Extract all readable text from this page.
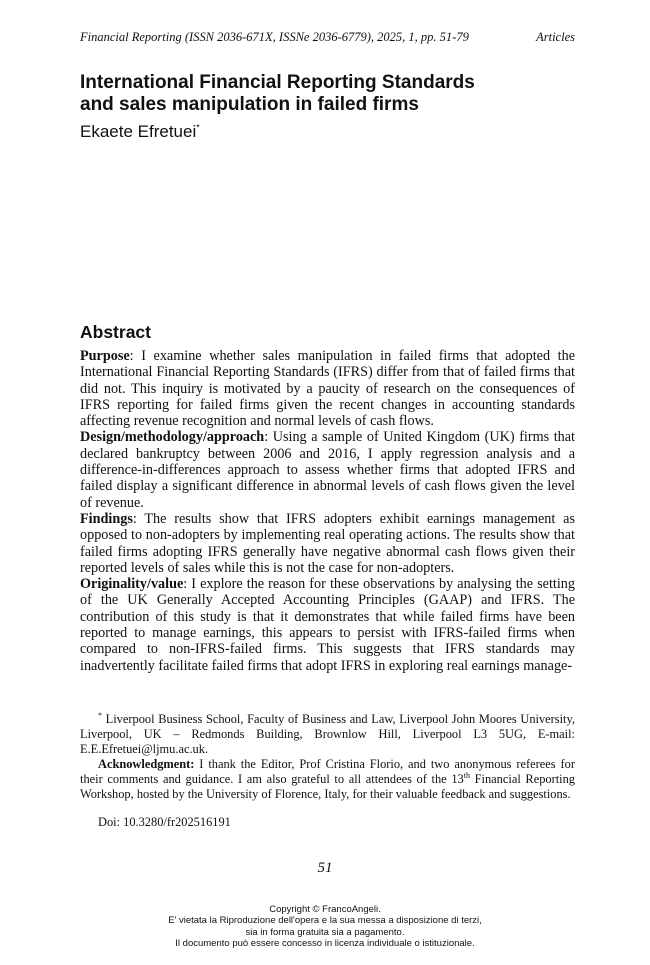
Financial Reporting (ISSN 2036-671X, ISSNe 2036-6779), 2025, 1, pp. 51-79	Articles
International Financial Reporting Standards
and sales manipulation in failed firms

Ekaete Efretuei*

Abstract

Purpose: I examine whether sales manipulation in failed firms that adopted the International Financial Reporting Standards (IFRS) differ from that of failed firms that did not. This inquiry is motivated by a paucity of research on the consequences of IFRS reporting for failed firms given the recent changes in accounting standards affecting revenue recognition and normal levels of cash flows.

Design/methodology/approach: Using a sample of United Kingdom (UK) firms that declared bankruptcy between 2006 and 2016, I apply regression analysis and a difference-in-differences approach to assess whether firms that adopted IFRS and failed display a significant difference in abnormal levels of cash flows given the level of revenue.

Findings: The results show that IFRS adopters exhibit earnings management as opposed to non-adopters by implementing real operating actions. The results show that failed firms adopting IFRS generally have negative abnormal cash flows given their reported levels of sales while this is not the case for non-adopters.

Originality/value: I explore the reason for these observations by analysing the setting of the UK Generally Accepted Accounting Principles (GAAP) and IFRS. The contribution of this study is that it demonstrates that while failed firms have been reported to manage earnings, this appears to persist with IFRS-failed firms when compared to non-IFRS-failed firms. This suggests that IFRS standards may inadvertently facilitate failed firms that adopt IFRS in exploring real earnings manage-

* Liverpool Business School, Faculty of Business and Law, Liverpool John Moores University, Liverpool, UK – Redmonds Building, Brownlow Hill, Liverpool L3 5UG, E-mail: E.E.Efretuei@ljmu.ac.uk.

Acknowledgment: I thank the Editor, Prof Cristina Florio, and two anonymous referees for their comments and guidance. I am also grateful to all attendees of the 13th Financial Reporting Workshop, hosted by the University of Florence, Italy, for their valuable feedback and suggestions.

Doi: 10.3280/fr202516191

51
Copyright © FrancoAngeli.
E' vietata la Riproduzione dell'opera e la sua messa a disposizione di terzi,
sia in forma gratuita sia a pagamento.
Il documento può essere concesso in licenza individuale o istituzionale.
